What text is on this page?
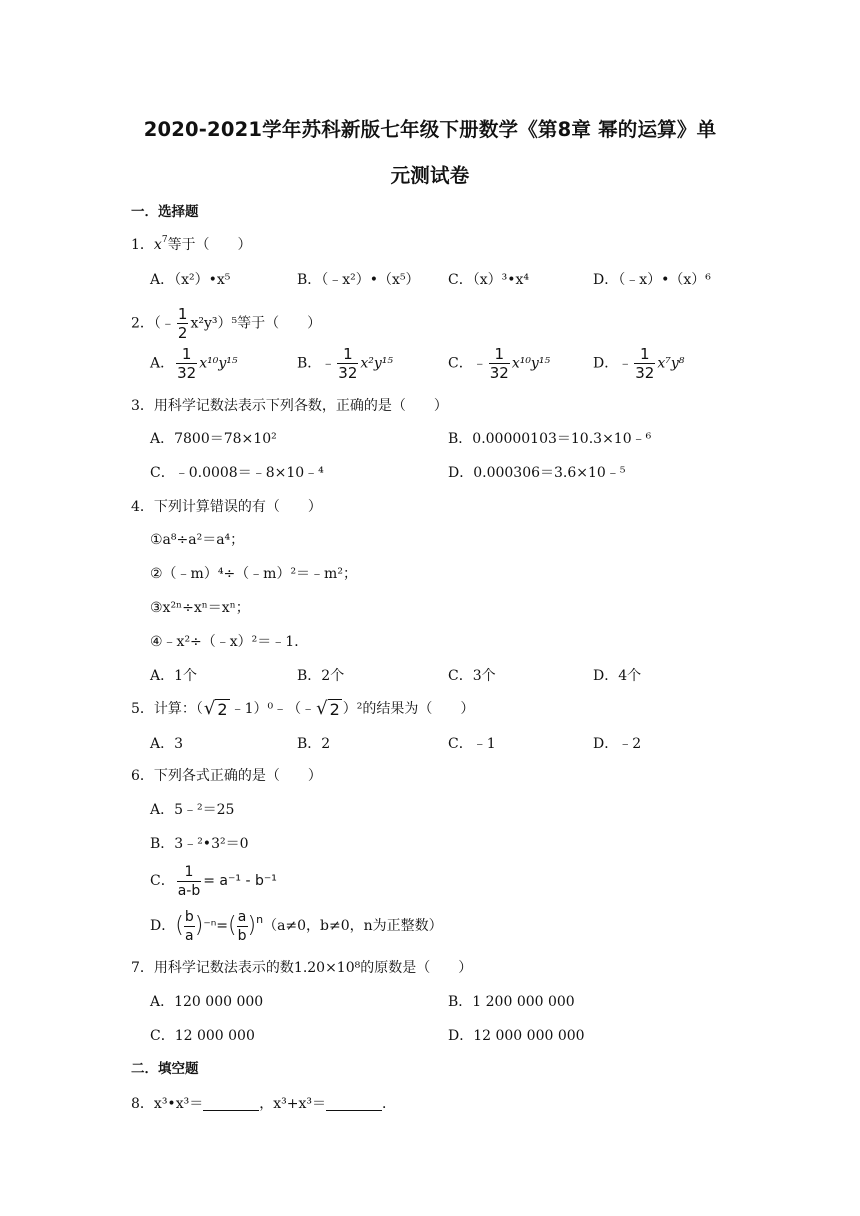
2020-2021学年苏科新版七年级下册数学《第8章 幂的运算》单
元测试卷
一．选择题
1．$x^7$等于（　　）
A．（x²）•x⁵	B．（﹣x²）•（x⁵） C．（x）³•x⁴	D．（﹣x）•（x）⁶
2．（﹣ $\frac{1}{2} x^2y^3)^5$等于（　　）
A． $\frac{1}{32} x^{10}y^{15}$	B．﹣ $\frac{1}{32} x^2y^{15}$	C．﹣ $\frac{1}{32} x^{10}y^{15}$	D．﹣ $\frac{1}{32} x^7y^8$
3．用科学记数法表示下列各数，正确的是（　　）
A．7800＝78×10²	B．0.00000103＝10.3×10﹣⁶
C．﹣0.0008＝﹣8×10﹣⁴	D．0.000306＝3.6×10﹣⁵
4．下列计算错误的有（　　）
①a⁸÷a²＝a⁴；
②（﹣m）⁴÷（﹣m）²＝﹣m²；
③x²ⁿ÷xⁿ＝xⁿ；
④﹣x²÷（﹣x）²＝﹣1．
A．1个	B．2个	C．3个	D．4个
5．计算：（ √ 2 ﹣1）⁰﹣（﹣ √ 2 ）²的结果为（　　）
A．3	B．2	C．﹣1	D．﹣2
6．下列各式正确的是（　　）
A．5﹣²＝25
B．3﹣²•3²＝0
C． $\frac{1}{a-b} = a^{-1} - b^{-1}$
D．( $\frac{b}{a} )^{-n}=( \frac{a}{b} )^n(a\ne 0$，b≠0，n为正整数）
7．用科学记数法表示的数1.20×10⁸的原数是（　　）
A．120 000 000	B．1 200 000 000
C．12 000 000	D．12 000 000 000
二．填空题
8．x³•x³＝	，x³+x³＝	．
